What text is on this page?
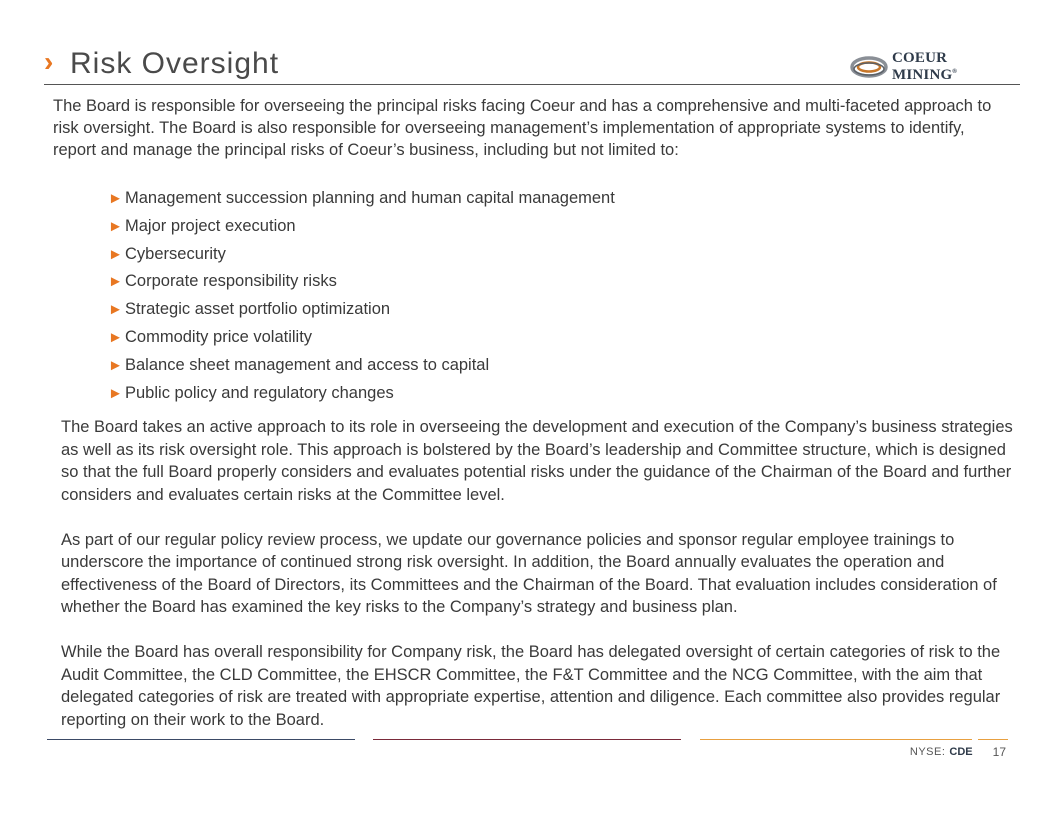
› Risk Oversight	COEUR MINING®

The Board is responsible for overseeing the principal risks facing Coeur and has a comprehensive and multi-faceted approach to risk oversight. The Board is also responsible for overseeing management’s implementation of appropriate systems to identify, report and manage the principal risks of Coeur’s business, including but not limited to:

► Management succession planning and human capital management
► Major project execution
► Cybersecurity
► Corporate responsibility risks
► Strategic asset portfolio optimization
► Commodity price volatility
► Balance sheet management and access to capital
► Public policy and regulatory changes

The Board takes an active approach to its role in overseeing the development and execution of the Company’s business strategies as well as its risk oversight role. This approach is bolstered by the Board’s leadership and Committee structure, which is designed so that the full Board properly considers and evaluates potential risks under the guidance of the Chairman of the Board and further considers and evaluates certain risks at the Committee level.

As part of our regular policy review process, we update our governance policies and sponsor regular employee trainings to underscore the importance of continued strong risk oversight. In addition, the Board annually evaluates the operation and effectiveness of the Board of Directors, its Committees and the Chairman of the Board. That evaluation includes consideration of whether the Board has examined the key risks to the Company’s strategy and business plan.

While the Board has overall responsibility for Company risk, the Board has delegated oversight of certain categories of risk to the Audit Committee, the CLD Committee, the EHSCR Committee, the F&T Committee and the NCG Committee, with the aim that delegated categories of risk are treated with appropriate expertise, attention and diligence. Each committee also provides regular reporting on their work to the Board.

NYSE: CDE 17
